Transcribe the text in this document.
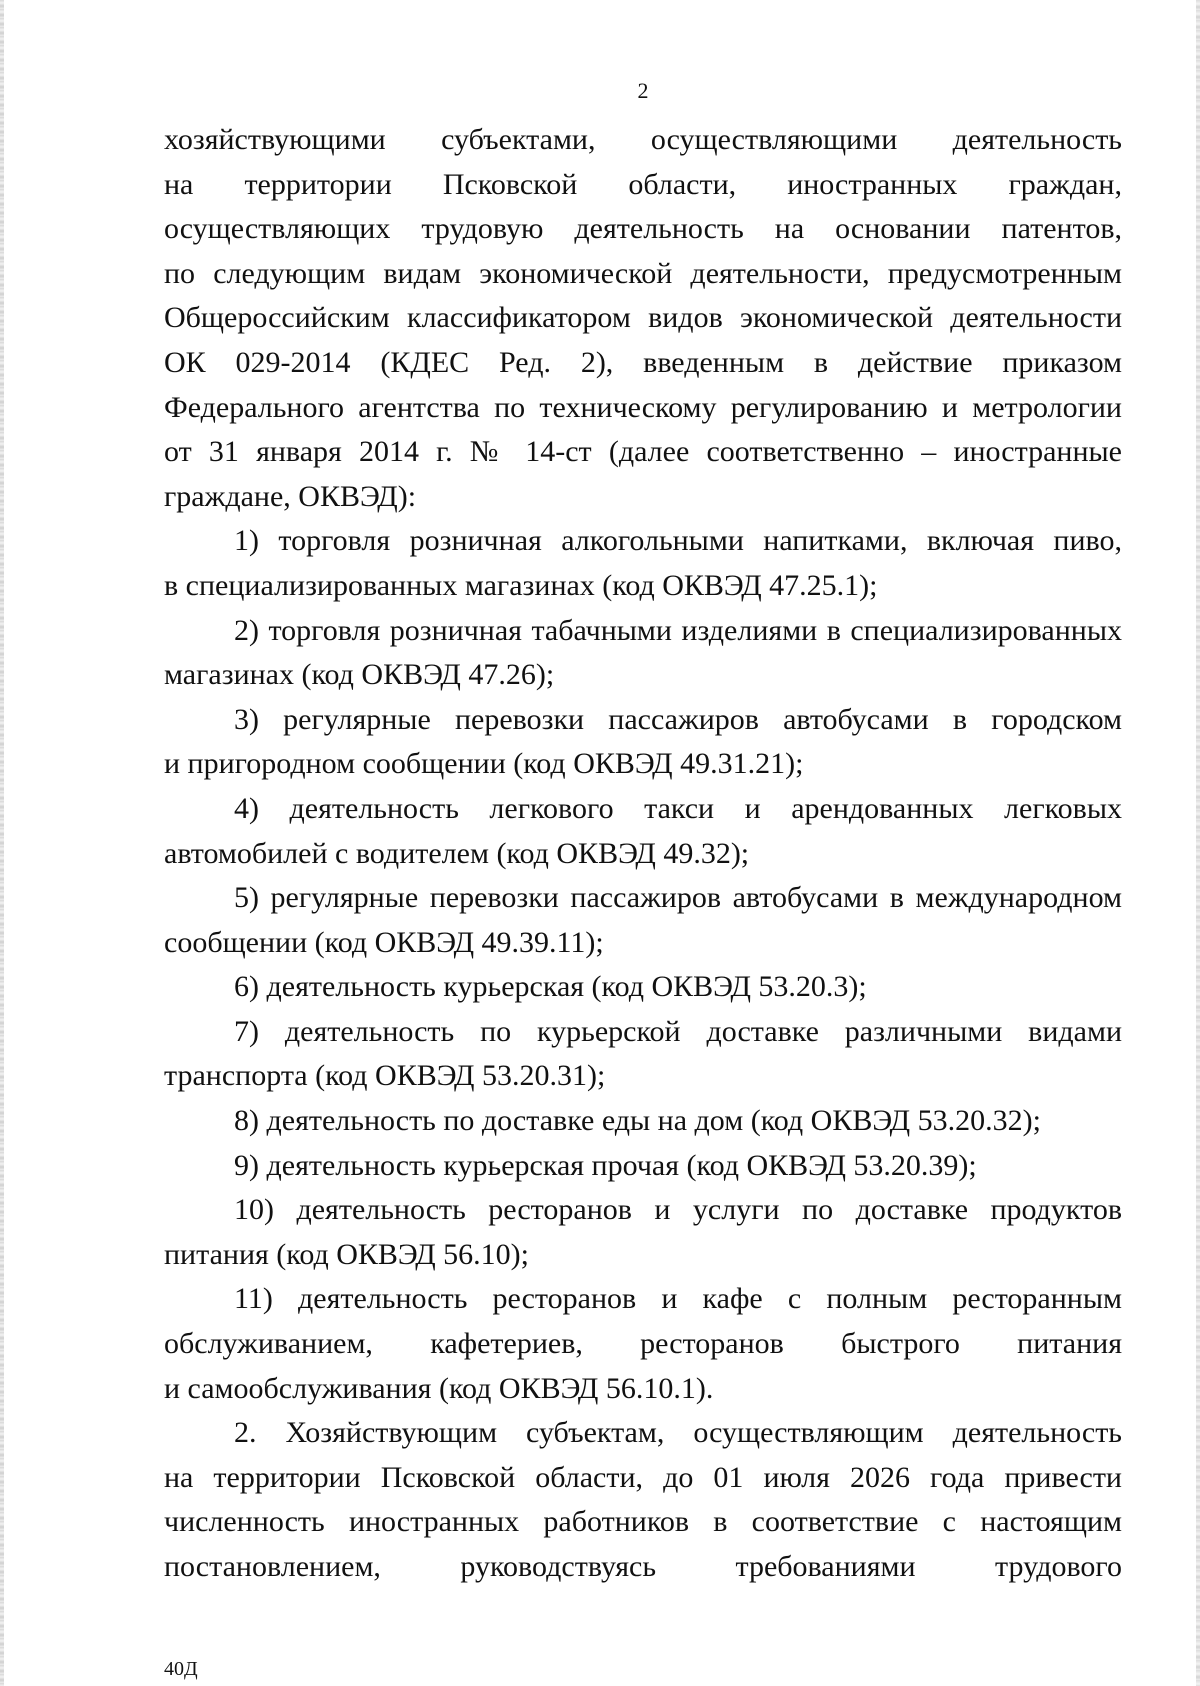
2
хозяйствующими субъектами, осуществляющими деятельность
на территории Псковской области, иностранных граждан,
осуществляющих трудовую деятельность на основании патентов,
по следующим видам экономической деятельности, предусмотренным
Общероссийским классификатором видов экономической деятельности
ОК 029-2014 (КДЕС Ред. 2), введенным в действие приказом
Федерального агентства по техническому регулированию и метрологии
от 31 января 2014 г. № 14-ст (далее соответственно – иностранные
граждане, ОКВЭД):
1) торговля розничная алкогольными напитками, включая пиво,
в специализированных магазинах (код ОКВЭД 47.25.1);
2) торговля розничная табачными изделиями в специализированных
магазинах (код ОКВЭД 47.26);
3) регулярные перевозки пассажиров автобусами в городском
и пригородном сообщении (код ОКВЭД 49.31.21);
4) деятельность легкового такси и арендованных легковых
автомобилей с водителем (код ОКВЭД 49.32);
5) регулярные перевозки пассажиров автобусами в международном
сообщении (код ОКВЭД 49.39.11);
6) деятельность курьерская (код ОКВЭД 53.20.3);
7) деятельность по курьерской доставке различными видами
транспорта (код ОКВЭД 53.20.31);
8) деятельность по доставке еды на дом (код ОКВЭД 53.20.32);
9) деятельность курьерская прочая (код ОКВЭД 53.20.39);
10) деятельность ресторанов и услуги по доставке продуктов
питания (код ОКВЭД 56.10);
11) деятельность ресторанов и кафе с полным ресторанным
обслуживанием, кафетериев, ресторанов быстрого питания
и самообслуживания (код ОКВЭД 56.10.1).
2. Хозяйствующим субъектам, осуществляющим деятельность
на территории Псковской области, до 01 июля 2026 года привести
численность иностранных работников в соответствие с настоящим
постановлением, руководствуясь требованиями трудового
40Д
